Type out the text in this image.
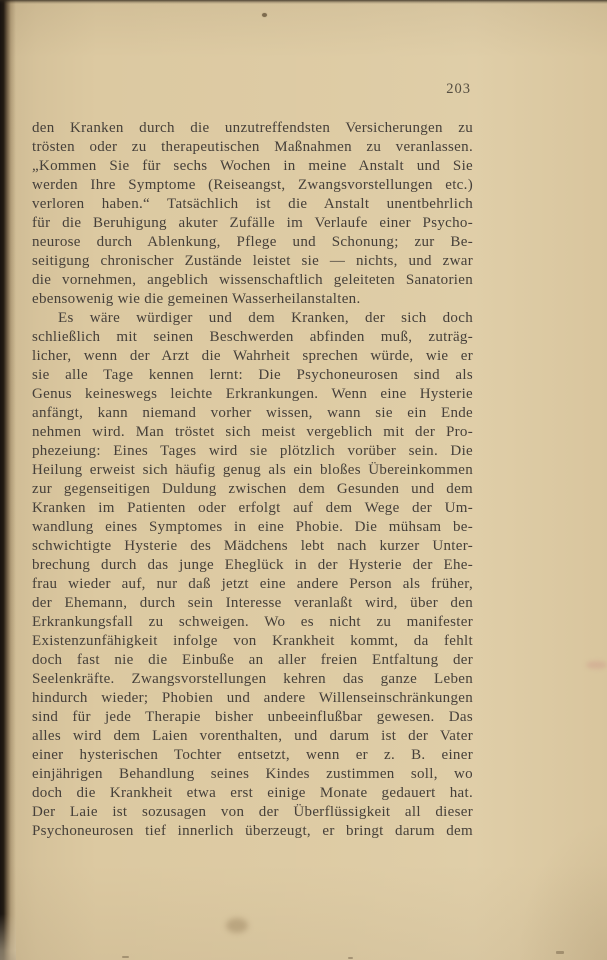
203
den Kranken durch die unzutreffendsten Versicherungen zu
trösten oder zu therapeutischen Maßnahmen zu veranlassen.
„Kommen Sie für sechs Wochen in meine Anstalt und Sie
werden Ihre Symptome (Reiseangst, Zwangsvorstellungen etc.)
verloren haben.“ Tatsächlich ist die Anstalt unentbehrlich
für die Beruhigung akuter Zufälle im Verlaufe einer Psycho-
neurose durch Ablenkung, Pflege und Schonung; zur Be-
seitigung chronischer Zustände leistet sie — nichts, und zwar
die vornehmen, angeblich wissenschaftlich geleiteten Sanatorien
ebensowenig wie die gemeinen Wasserheilanstalten.
Es wäre würdiger und dem Kranken, der sich doch
schließlich mit seinen Beschwerden abfinden muß, zuträg-
licher, wenn der Arzt die Wahrheit sprechen würde, wie er
sie alle Tage kennen lernt: Die Psychoneurosen sind als
Genus keineswegs leichte Erkrankungen. Wenn eine Hysterie
anfängt, kann niemand vorher wissen, wann sie ein Ende
nehmen wird. Man tröstet sich meist vergeblich mit der Pro-
phezeiung: Eines Tages wird sie plötzlich vorüber sein. Die
Heilung erweist sich häufig genug als ein bloßes Übereinkommen
zur gegenseitigen Duldung zwischen dem Gesunden und dem
Kranken im Patienten oder erfolgt auf dem Wege der Um-
wandlung eines Symptomes in eine Phobie. Die mühsam be-
schwichtigte Hysterie des Mädchens lebt nach kurzer Unter-
brechung durch das junge Eheglück in der Hysterie der Ehe-
frau wieder auf, nur daß jetzt eine andere Person als früher,
der Ehemann, durch sein Interesse veranlaßt wird, über den
Erkrankungsfall zu schweigen. Wo es nicht zu manifester
Existenzunfähigkeit infolge von Krankheit kommt, da fehlt
doch fast nie die Einbuße an aller freien Entfaltung der
Seelenkräfte. Zwangsvorstellungen kehren das ganze Leben
hindurch wieder; Phobien und andere Willenseinschränkungen
sind für jede Therapie bisher unbeeinflußbar gewesen. Das
alles wird dem Laien vorenthalten, und darum ist der Vater
einer hysterischen Tochter entsetzt, wenn er z. B. einer
einjährigen Behandlung seines Kindes zustimmen soll, wo
doch die Krankheit etwa erst einige Monate gedauert hat.
Der Laie ist sozusagen von der Überflüssigkeit all dieser
Psychoneurosen tief innerlich überzeugt, er bringt darum dem
